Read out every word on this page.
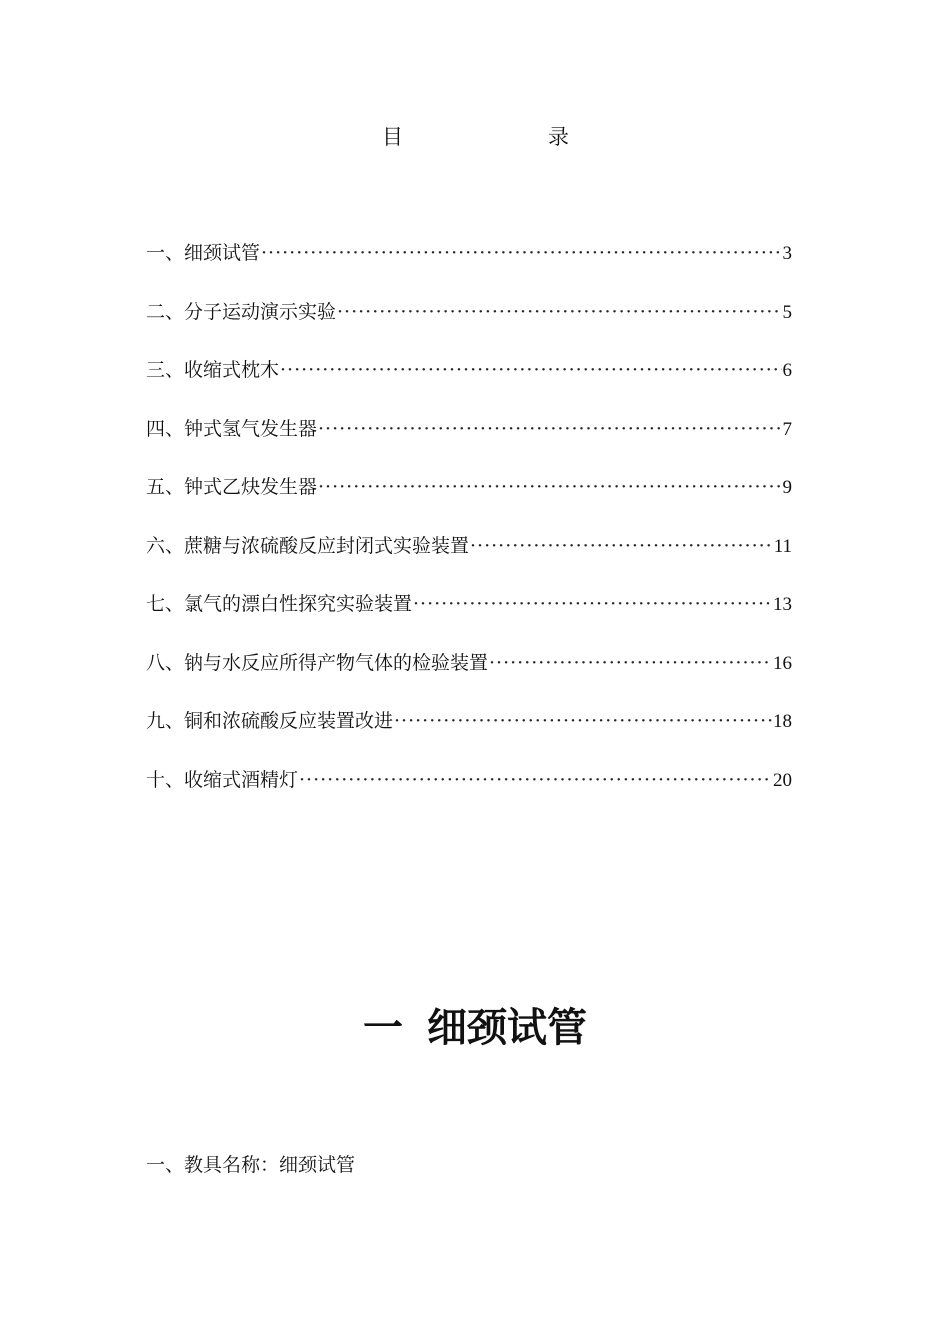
目	录
一、细颈试管 ·····	3
二、分子运动演示实验 ·····	5
三、收缩式枕木 ·····	6
四、钟式氢气发生器 ·····	7
五、钟式乙炔发生器 ·····	9
六、蔗糖与浓硫酸反应封闭式实验装置 ·····	11
七、氯气的漂白性探究实验装置 ·····	13
八、钠与水反应所得产物气体的检验装置 ·····	16
九、铜和浓硫酸反应装置改进 ·····	18
十、收缩式酒精灯 ·····	20
一 细颈试管
一、教具名称：细颈试管
